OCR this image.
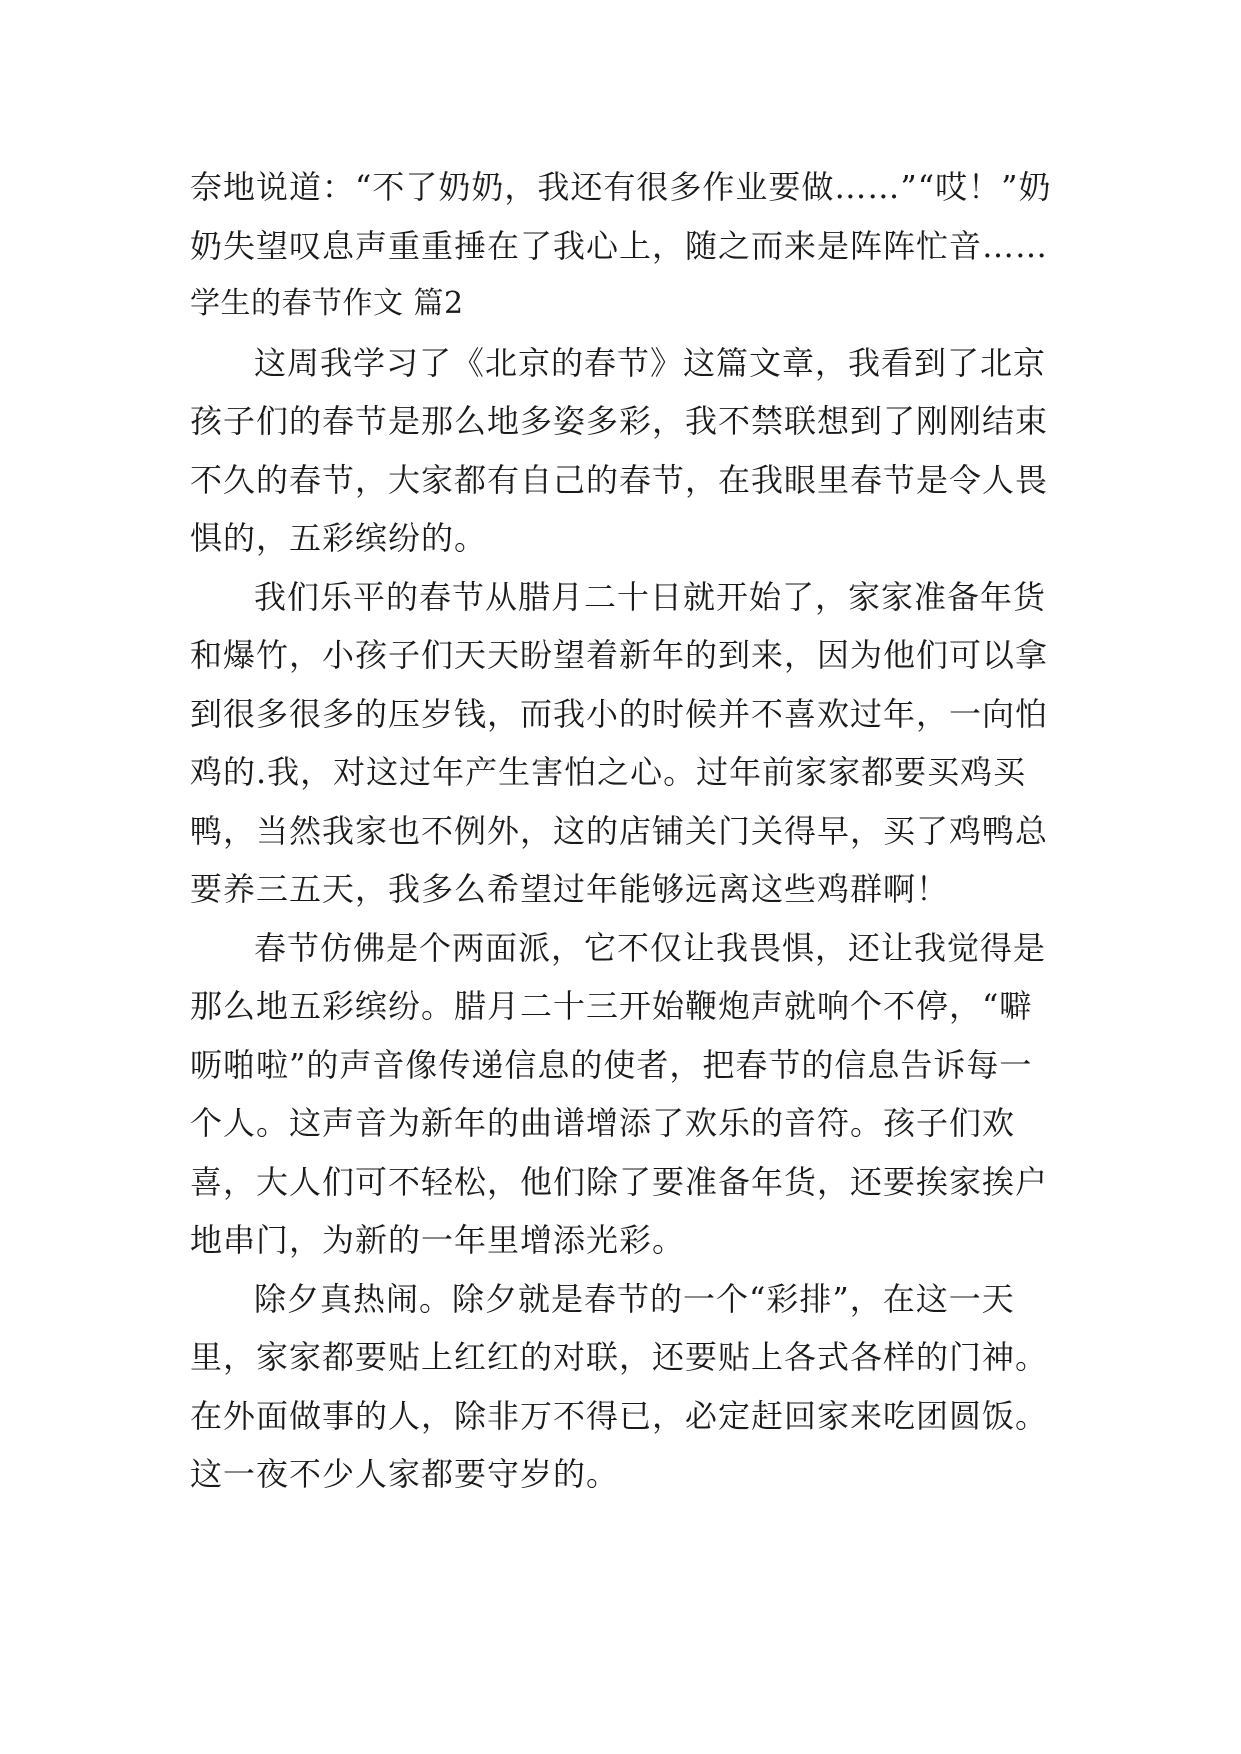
奈地说道：“不了奶奶，我还有很多作业要做……”“哎！”奶奶失望叹息声重重捶在了我心上，随之而来是阵阵忙音……

学生的春节作文 篇2

这周我学习了《北京的春节》这篇文章，我看到了北京孩子们的春节是那么地多姿多彩，我不禁联想到了刚刚结束不久的春节，大家都有自己的春节，在我眼里春节是令人畏惧的，五彩缤纷的。

我们乐平的春节从腊月二十日就开始了，家家准备年货和爆竹，小孩子们天天盼望着新年的到来，因为他们可以拿到很多很多的压岁钱，而我小的时候并不喜欢过年，一向怕鸡的.我，对这过年产生害怕之心。过年前家家都要买鸡买鸭，当然我家也不例外，这的店铺关门关得早，买了鸡鸭总要养三五天，我多么希望过年能够远离这些鸡群啊！

春节仿佛是个两面派，它不仅让我畏惧，还让我觉得是那么地五彩缤纷。腊月二十三开始鞭炮声就响个不停，“噼呖啪啦”的声音像传递信息的使者，把春节的信息告诉每一个人。这声音为新年的曲谱增添了欢乐的音符。孩子们欢喜，大人们可不轻松，他们除了要准备年货，还要挨家挨户地串门，为新的一年里增添光彩。

除夕真热闹。除夕就是春节的一个“彩排”，在这一天里，家家都要贴上红红的对联，还要贴上各式各样的门神。在外面做事的人，除非万不得已，必定赶回家来吃团圆饭。这一夜不少人家都要守岁的。
